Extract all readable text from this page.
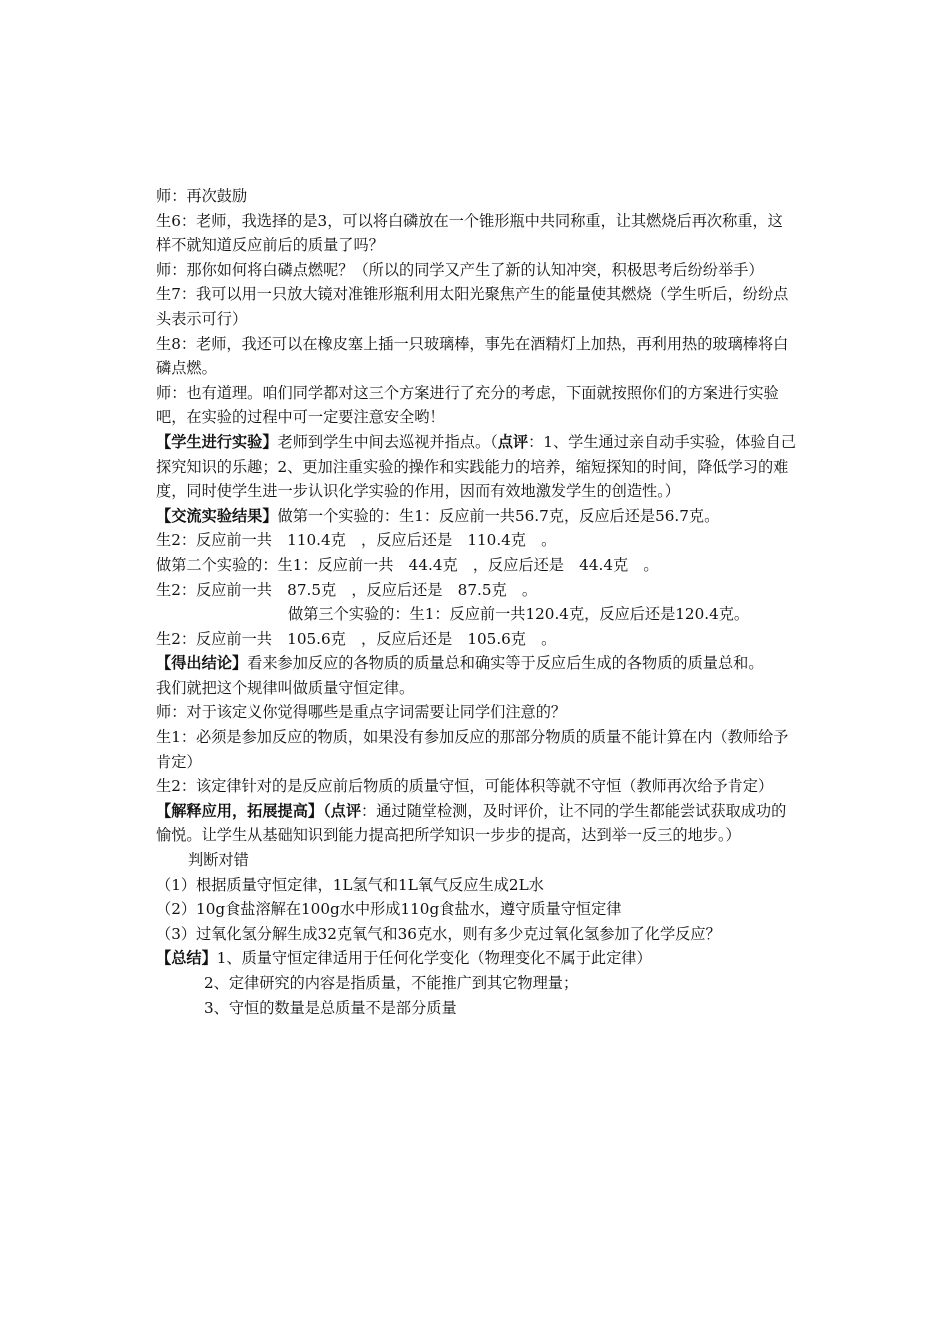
师：再次鼓励

生6：老师，我选择的是3，可以将白磷放在一个锥形瓶中共同称重，让其燃烧后再次称重，这样不就知道反应前后的质量了吗？

师：那你如何将白磷点燃呢？（所以的同学又产生了新的认知冲突，积极思考后纷纷举手）

生7：我可以用一只放大镜对准锥形瓶利用太阳光聚焦产生的能量使其燃烧（学生听后，纷纷点头表示可行）

生8：老师，我还可以在橡皮塞上插一只玻璃棒，事先在酒精灯上加热，再利用热的玻璃棒将白磷点燃。

师：也有道理。咱们同学都对这三个方案进行了充分的考虑，下面就按照你们的方案进行实验吧，在实验的过程中可一定要注意安全哟！

【学生进行实验】老师到学生中间去巡视并指点。（点评：1、学生通过亲自动手实验，体验自己探究知识的乐趣；2、更加注重实验的操作和实践能力的培养，缩短探知的时间，降低学习的难度，同时使学生进一步认识化学实验的作用，因而有效地激发学生的创造性。）

【交流实验结果】做第一个实验的：生1：反应前一共56.7克，反应后还是56.7克。

生2：反应前一共　110.4克　，反应后还是　110.4克　。

做第二个实验的：生1：反应前一共　44.4克　，反应后还是　44.4克　。

生2：反应前一共　87.5克　，反应后还是　87.5克　。

做第三个实验的：生1：反应前一共120.4克，反应后还是120.4克。

生2：反应前一共　105.6克　，反应后还是　105.6克　。

【得出结论】看来参加反应的各物质的质量总和确实等于反应后生成的各物质的质量总和。

我们就把这个规律叫做质量守恒定律。

师：对于该定义你觉得哪些是重点字词需要让同学们注意的？

生1：必须是参加反应的物质，如果没有参加反应的那部分物质的质量不能计算在内（教师给予肯定）

生2：该定律针对的是反应前后物质的质量守恒，可能体积等就不守恒（教师再次给予肯定）

【解释应用，拓展提高】（点评：通过随堂检测，及时评价，让不同的学生都能尝试获取成功的愉悦。让学生从基础知识到能力提高把所学知识一步步的提高，达到举一反三的地步。）

判断对错

（1）根据质量守恒定律，1L氢气和1L氧气反应生成2L水

（2）10g食盐溶解在100g水中形成110g食盐水，遵守质量守恒定律

（3）过氧化氢分解生成32克氧气和36克水，则有多少克过氧化氢参加了化学反应？

【总结】1、质量守恒定律适用于任何化学变化（物理变化不属于此定律）

2、定律研究的内容是指质量，不能推广到其它物理量；

3、守恒的数量是总质量不是部分质量
